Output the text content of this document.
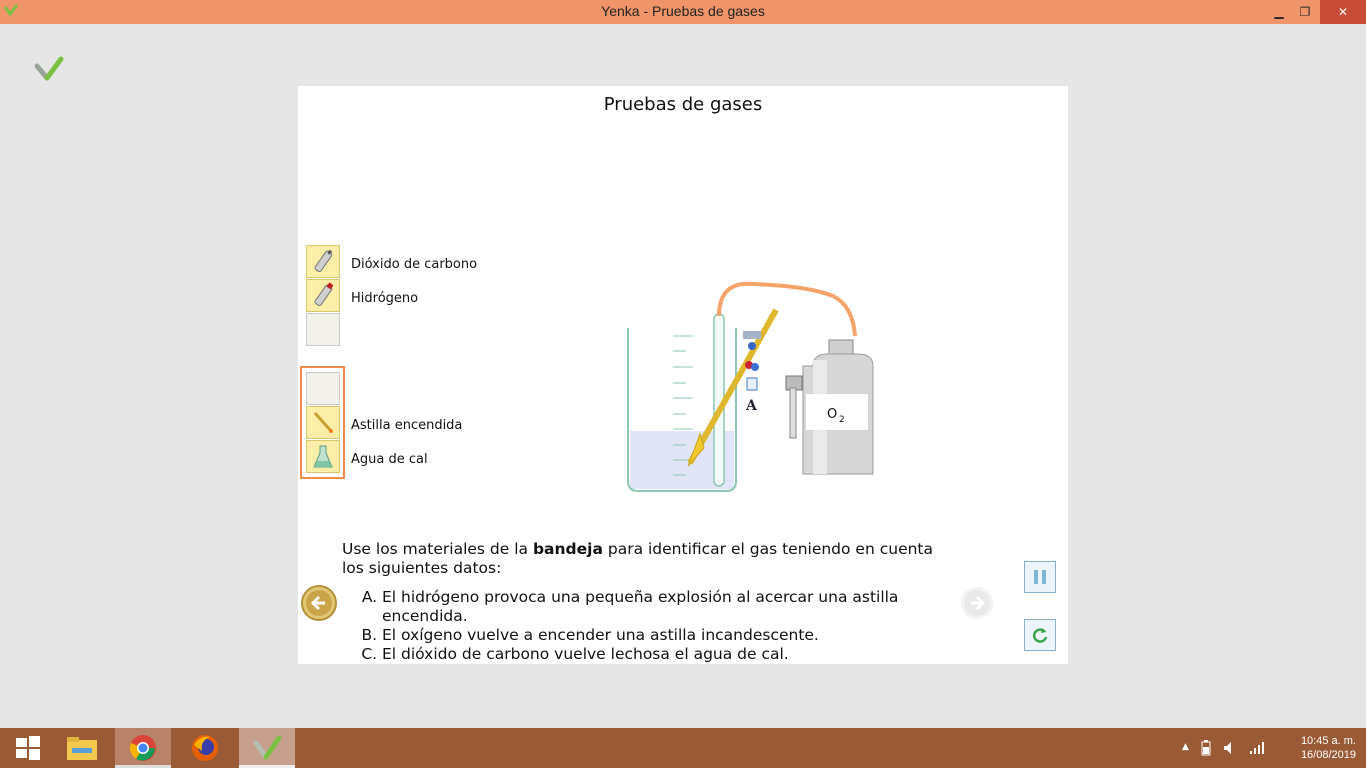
Yenka - Pruebas de gases	▁ ❐ ✕
Pruebas de gases
Dióxido de carbono
Hidrógeno
Astilla encendida
Agua de cal
A
O 2
Use los materiales de la bandeja para identificar el gas teniendo en cuenta los siguientes datos:
A. El hidrógeno provoca una pequeña explosión al acercar una astilla encendida.
B. El oxígeno vuelve a encender una astilla incandescente.
C. El dióxido de carbono vuelve lechosa el agua de cal.
▲	10:45 a. m.
16/08/2019
